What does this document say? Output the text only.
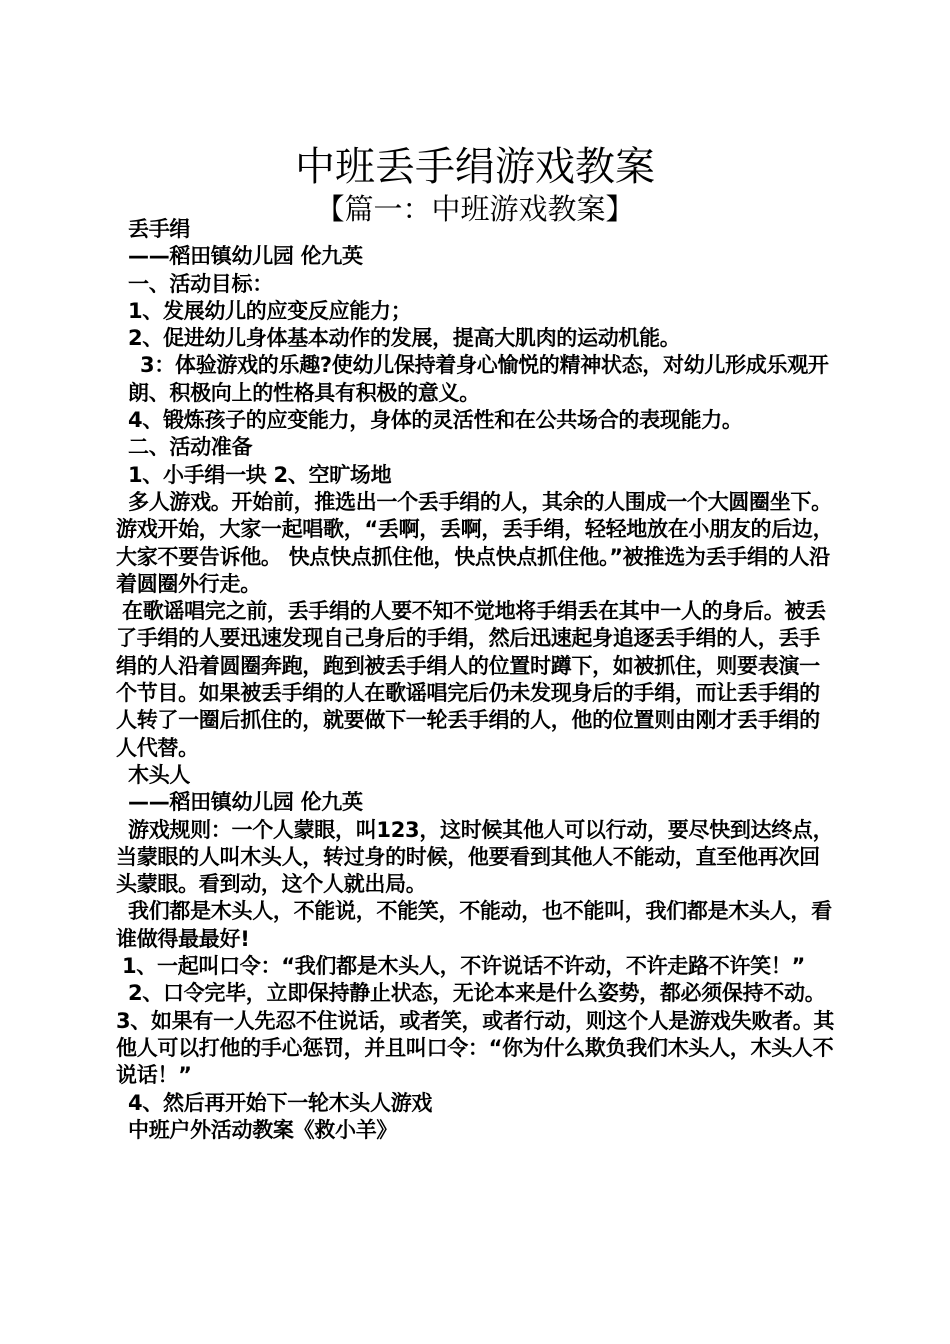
中班丢手绢游戏教案
【篇一：中班游戏教案】

丢手绢

——稻田镇幼儿园 伦九英

一、活动目标：

1、发展幼儿的应变反应能力；

2、促进幼儿身体基本动作的发展，提高大肌肉的运动机能。

3：体验游戏的乐趣?使幼儿保持着身心愉悦的精神状态，对幼儿形成乐观开朗、积极向上的性格具有积极的意义。

4、锻炼孩子的应变能力，身体的灵活性和在公共场合的表现能力。

二、活动准备

1、小手绢一块 2、空旷场地

多人游戏。开始前，推选出一个丢手绢的人，其余的人围成一个大圆圈坐下。游戏开始，大家一起唱歌，“丢啊，丢啊，丢手绢，轻轻地放在小朋友的后边，大家不要告诉他。 快点快点抓住他，快点快点抓住他。”被推选为丢手绢的人沿着圆圈外行走。

在歌谣唱完之前，丢手绢的人要不知不觉地将手绢丢在其中一人的身后。被丢了手绢的人要迅速发现自己身后的手绢，然后迅速起身追逐丢手绢的人，丢手绢的人沿着圆圈奔跑，跑到被丢手绢人的位置时蹲下，如被抓住，则要表演一个节目。如果被丢手绢的人在歌谣唱完后仍未发现身后的手绢，而让丢手绢的人转了一圈后抓住的，就要做下一轮丢手绢的人，他的位置则由刚才丢手绢的人代替。

木头人

——稻田镇幼儿园 伦九英

游戏规则：一个人蒙眼，叫123，这时候其他人可以行动，要尽快到达终点，当蒙眼的人叫木头人，转过身的时候，他要看到其他人不能动，直至他再次回头蒙眼。看到动，这个人就出局。

我们都是木头人，不能说，不能笑，不能动，也不能叫，我们都是木头人，看谁做得最最好!

1、一起叫口令：“我们都是木头人，不许说话不许动，不许走路不许笑！”

2、口令完毕，立即保持静止状态，无论本来是什么姿势，都必须保持不动。

3、如果有一人先忍不住说话，或者笑，或者行动，则这个人是游戏失败者。其他人可以打他的手心惩罚，并且叫口令：“你为什么欺负我们木头人，木头人不说话！”

4、然后再开始下一轮木头人游戏

中班户外活动教案《救小羊》
